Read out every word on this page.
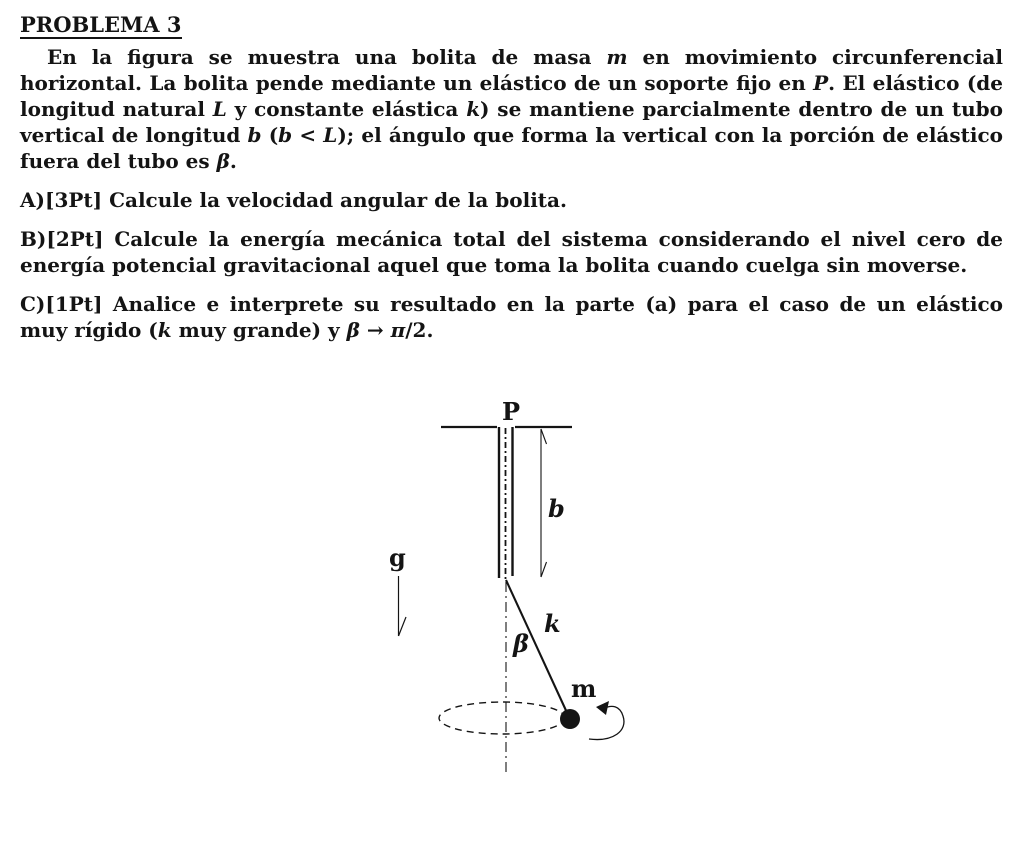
PROBLEMA 3

En la figura se muestra una bolita de masa m en movimiento circunferencial horizontal. La bolita pende mediante un elástico de un soporte fijo en P. El elástico (de longitud natural L y constante elástica k) se mantiene parcialmente dentro de un tubo vertical de longitud b (b < L); el ángulo que forma la vertical con la porción de elástico fuera del tubo es β.

A)[3Pt] Calcule la velocidad angular de la bolita.

B)[2Pt] Calcule la energía mecánica total del sistema considerando el nivel cero de energía potencial gravitacional aquel que toma la bolita cuando cuelga sin moverse.

C)[1Pt] Analice e interprete su resultado en la parte (a) para el caso de un elástico muy rígido (k muy grande) y β → π/2.

P
b
g
β
k
m
